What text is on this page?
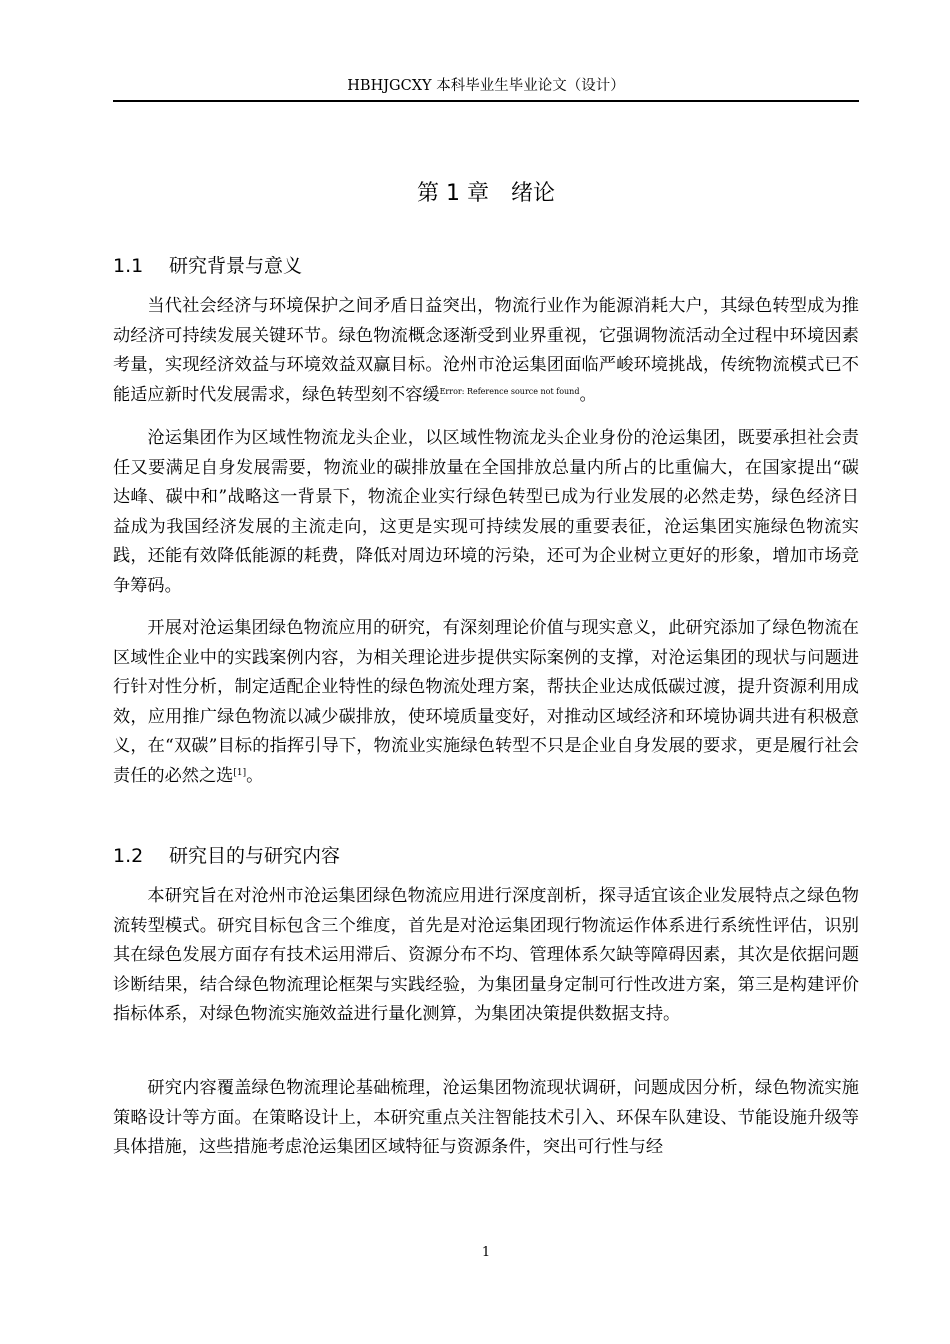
HBHJGCXY 本科毕业生毕业论文（设计）
第 1 章　绪论
1.1 研究背景与意义

当代社会经济与环境保护之间矛盾日益突出，物流行业作为能源消耗大户，其绿色转型成为推动经济可持续发展关键环节。绿色物流概念逐渐受到业界重视，它强调物流活动全过程中环境因素考量，实现经济效益与环境效益双赢目标。沧州市沧运集团面临严峻环境挑战，传统物流模式已不能适应新时代发展需求，绿色转型刻不容缓$^{Error: Reference source not found}$。

沧运集团作为区域性物流龙头企业，以区域性物流龙头企业身份的沧运集团，既要承担社会责任又要满足自身发展需要，物流业的碳排放量在全国排放总量内所占的比重偏大，在国家提出“碳达峰、碳中和”战略这一背景下，物流企业实行绿色转型已成为行业发展的必然走势，绿色经济日益成为我国经济发展的主流走向，这更是实现可持续发展的重要表征，沧运集团实施绿色物流实践，还能有效降低能源的耗费，降低对周边环境的污染，还可为企业树立更好的形象，增加市场竞争筹码。

开展对沧运集团绿色物流应用的研究，有深刻理论价值与现实意义，此研究添加了绿色物流在区域性企业中的实践案例内容，为相关理论进步提供实际案例的支撑，对沧运集团的现状与问题进行针对性分析，制定适配企业特性的绿色物流处理方案，帮扶企业达成低碳过渡，提升资源利用成效，应用推广绿色物流以减少碳排放，使环境质量变好，对推动区域经济和环境协调共进有积极意义，在“双碳”目标的指挥引导下，物流业实施绿色转型不只是企业自身发展的要求，更是履行社会责任的必然之选[1]。

1.2 研究目的与研究内容

本研究旨在对沧州市沧运集团绿色物流应用进行深度剖析，探寻适宜该企业发展特点之绿色物流转型模式。研究目标包含三个维度，首先是对沧运集团现行物流运作体系进行系统性评估，识别其在绿色发展方面存有技术运用滞后、资源分布不均、管理体系欠缺等障碍因素，其次是依据问题诊断结果，结合绿色物流理论框架与实践经验，为集团量身定制可行性改进方案，第三是构建评价指标体系，对绿色物流实施效益进行量化测算，为集团决策提供数据支持。

研究内容覆盖绿色物流理论基础梳理，沧运集团物流现状调研，问题成因分析，绿色物流实施策略设计等方面。在策略设计上，本研究重点关注智能技术引入、环保车队建设、节能设施升级等具体措施，这些措施考虑沧运集团区域特征与资源条件，突出可行性与经

1
